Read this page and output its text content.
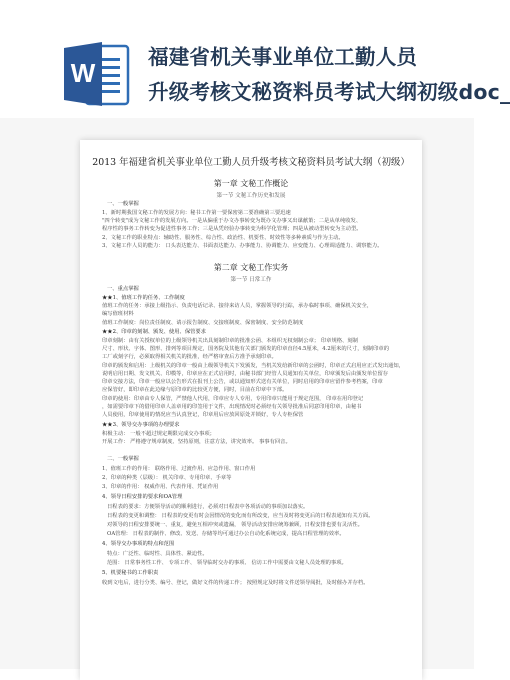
W
福建省机关事业单位工勤人员
升级考核文秘资料员考试大纲初级doc_
2013 年福建省机关事业单位工勤人员升级考核文秘资料员考试大纲（初级）
第一章 文秘工作概论
第一节 文秘工作历史和发展
一、一般掌握
1、新时期我国文秘工作的发展方向：秘书工作第一要保密第二要准确第三要迅速
"四个转变"成为文秘工作的发展方向。一是从偏重于办文办事转变为既办文办事又出谋献策；二是从单纯收发、
程序性的事务工作转变为促进性事务工作；三是从凭经验办事转变为科学化管理；四是从被动型转变为主动型。
2、文秘工作的职业特点：辅助性、服务性、综合性、政治性、机要性、时效性等多种素质与作为主动。
3、文秘工作人员的能力： 口头表达能力、书面表达能力、办事能力、协调能力、应变能力、心理调适能力、调察能力。
第二章 文秘工作实务
第一节 日常工作
一、重点掌握
★★1、值班工作的任务、工作制度
值班工作的任务：承接上级指示、负责电话记录、接待来访人员，掌握领导的行踪，承办临时事项、确保机关安全，
编写值班材料
值班工作制度：岗位责任制度、请示报告制度、交接班制度、保密制度、安全防范制度
★★2、印章的刻制、颁发、使用、保管要求
印章刻制：由有关授权单位的上级领导机关出具刻制印章的批准公函、本组织无权刻制公章； 印章规格、刻制
尺寸、形状、字体、图形、排列等项目规定，国务院及其他有关部门颁发的印章直径4.5厘米，4.2厘米的尺寸，刻制印章的
工厂或刻字行，必须取得相关机关的批准，经严格审查后方准予承刻印章。
印章的颁发和启用：上级机关的印章一般由上级领导机关下发颁发，当机关发给新印章的公函时，印章正式启用应正式发出通知，
说明启用日期、发文机关、印模等，印章应在正式启用时，由秘书部门经管人员通知有关单位，印章颁发后由颁发单位留存
印章交接方法，印章一般应以公告形式在报刊上公告，或以通知形式送有关单位，同时启用的印章应留作参考档案，印章
应保管好，即印章在此边缘与原印章的比较更方便，同时，目前在印章中下部。
印章的使用：印章由专人保管，严禁他人代用，印章应专人专用，专用印章只能用于规定范围， 印章在用印登记
，如需要印章下的借用印章人盖章用的印签用于文件，出现情况时必须经有关领导批准后同意印用印章，由秘书
人员使用，印章使用的情况应当认真登记，印章用后应放回原处并锁好，专人专柜保管
★★3、领导交办事项的办理要求
积极主动： 一般不超过规定期限完成交办事项；
开展工作： 严格遵守规章制度、坚持原则，注意方法，讲究效率。 事事有回音。
二、一般掌握
1、值班工作的作用： 联络作用、过渡作用、应急作用、窗口作用
2、印章的种类（层级）： 机关印章、专用印章、手章等
3、印章的作用： 权威作用、代表作用、凭证作用
4、领导日程安排的要求和OA管理
日程表的要求：方便领导活动的顺利进行，必须对日程表中各项活动的事项加以落实。
日程表的变更和调整： 日程表的变更有时会因情况的变化而有所改变，应当及时将变更后的日程表通知有关方面。
对领导的日程安排要统一、重复，避免互相冲突或遗漏， 领导活动安排应统筹兼顾，日程安排也要有灵活性。
OA管理： 日程表的制作、修改、发送、存储等均可通过办公自动化系统完成，提高日程管理的效率。
4、领导交办事项的特点和范围
特点：广泛性、临时性、具体性、紧迫性。
范围： 日常事务性工作、 专项工作、 领导临时交办的事项、 信访工作中需要由文秘人员处理的事项。
5、机要秘书的工作职责
收到文电后，进行分类、编号、登记，做好文件的传递工作； 按照规定及时将文件送领导阅批，及时催办并存档。
